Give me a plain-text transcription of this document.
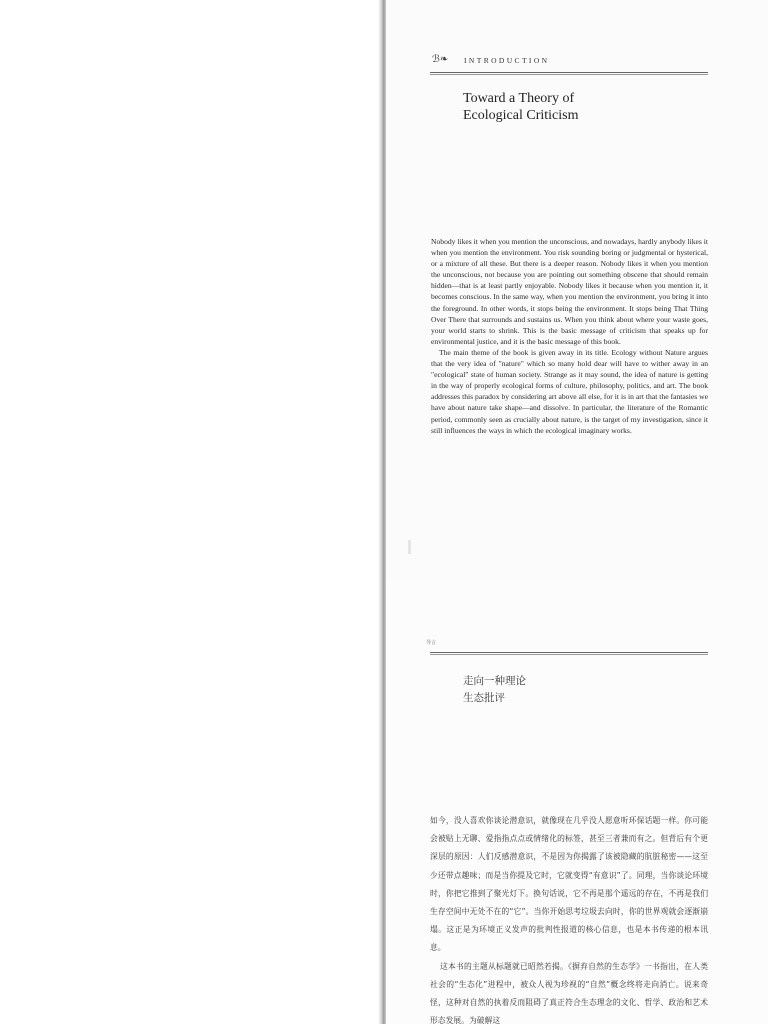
ℬ❧ INTRODUCTION
Toward a Theory of
Ecological Criticism

Nobody likes it when you mention the unconscious, and nowadays, hardly anybody likes it when you mention the environment. You risk sounding boring or judgmental or hysterical, or a mixture of all these. But there is a deeper reason. Nobody likes it when you mention the unconscious, not because you are pointing out something obscene that should remain hidden—that is at least partly enjoyable. Nobody likes it because when you mention it, it becomes conscious. In the same way, when you mention the environment, you bring it into the foreground. In other words, it stops being the environment. It stops being That Thing Over There that surrounds and sustains us. When you think about where your waste goes, your world starts to shrink. This is the basic message of criticism that speaks up for environmental justice, and it is the basic message of this book.

The main theme of the book is given away in its title. Ecology without Nature argues that the very idea of "nature" which so many hold dear will have to wither away in an "ecological" state of human society. Strange as it may sound, the idea of nature is getting in the way of properly ecological forms of culture, philosophy, politics, and art. The book addresses this paradox by considering art above all else, for it is in art that the fantasies we have about nature take shape—and dissolve. In particular, the literature of the Romantic period, commonly seen as crucially about nature, is the target of my investigation, since it still influences the ways in which the ecological imaginary works.

导言
走向一种理论
生态批评

如今，没人喜欢你谈论潜意识，就像现在几乎没人愿意听环保话题一样。你可能会被贴上无聊、爱指指点点或情绪化的标签，甚至三者兼而有之。但背后有个更深层的原因：人们反感潜意识，不是因为你揭露了该被隐藏的肮脏秘密——这至少还带点趣味；而是当你提及它时，它就变得“有意识”了。同理，当你谈论环境时，你把它推到了聚光灯下。换句话说，它不再是那个遥远的存在，不再是我们生存空间中无处不在的“它”。当你开始思考垃圾去向时，你的世界观就会逐渐崩塌。这正是为环境正义发声的批判性报道的核心信息，也是本书传递的根本讯息。

这本书的主题从标题就已昭然若揭。《摒弃自然的生态学》一书指出，在人类社会的“生态化”进程中，被众人视为珍视的“自然”概念终将走向消亡。说来奇怪，这种对自然的执着反而阻碍了真正符合生态理念的文化、哲学、政治和艺术形态发展。为破解这
